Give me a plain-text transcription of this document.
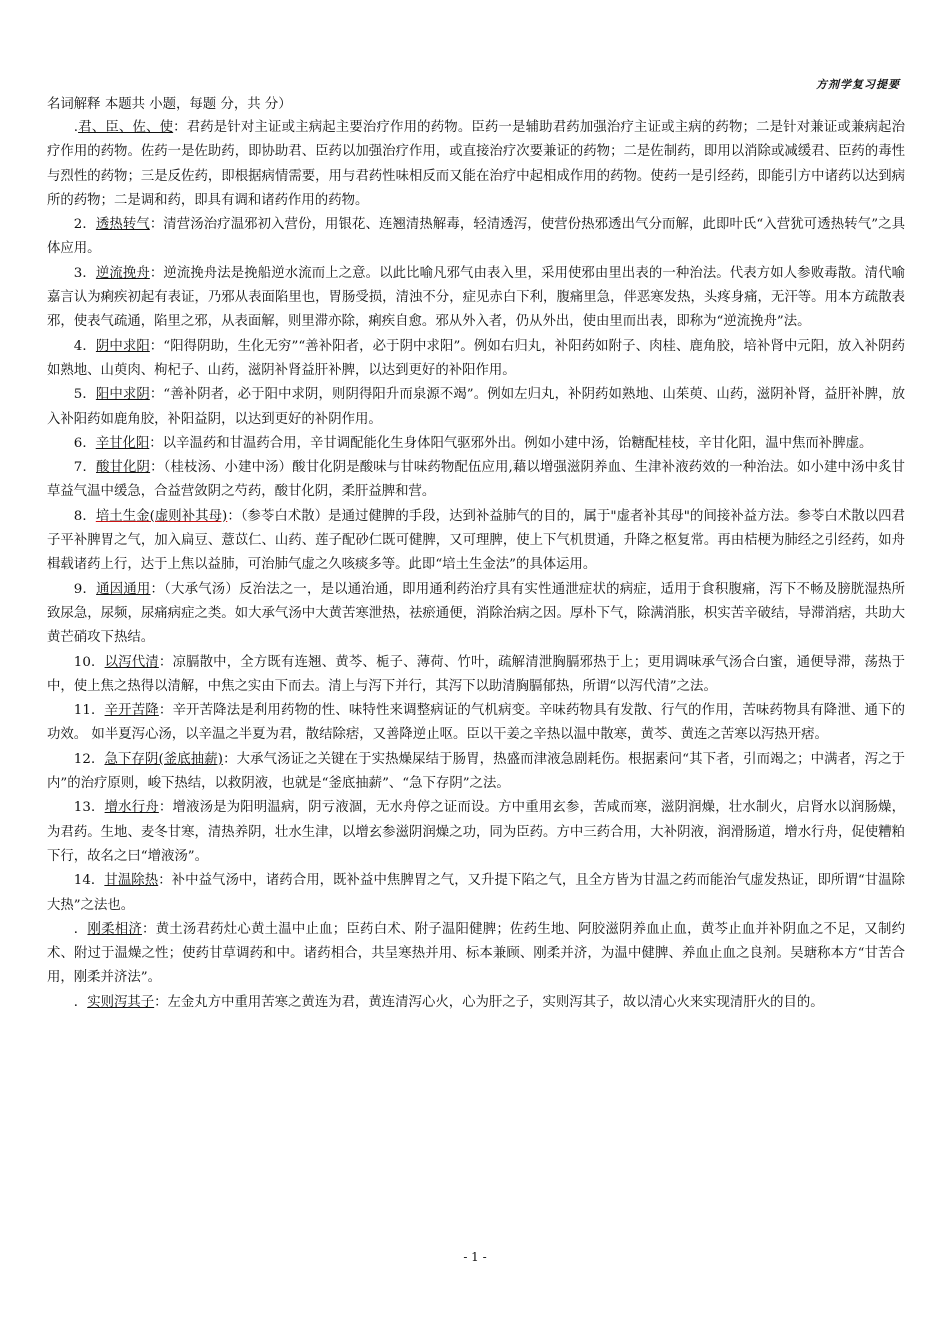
方剂学复习提要
名词解释 本题共 小题，每题 分，共 分）

.君、臣、佐、使：君药是针对主证或主病起主要治疗作用的药物。臣药一是辅助君药加强治疗主证或主病的药物；二是针对兼证或兼病起治疗作用的药物。佐药一是佐助药，即协助君、臣药以加强治疗作用，或直接治疗次要兼证的药物；二是佐制药，即用以消除或减缓君、臣药的毒性与烈性的药物；三是反佐药，即根据病情需要，用与君药性味相反而又能在治疗中起相成作用的药物。使药一是引经药，即能引方中诸药以达到病所的药物；二是调和药，即具有调和诸药作用的药物。

2．透热转气：清营汤治疗温邪初入营份，用银花、连翘清热解毒，轻清透泻，使营份热邪透出气分而解，此即叶氏“入营犹可透热转气”之具体应用。

3．逆流挽舟：逆流挽舟法是挽船逆水流而上之意。以此比喻凡邪气由表入里，采用使邪由里出表的一种治法。代表方如人参败毒散。清代喻嘉言认为痢疾初起有表证，乃邪从表面陷里也，胃肠受损，清浊不分，症见赤白下利，腹痛里急，伴恶寒发热，头疼身痛，无汗等。用本方疏散表邪，使表气疏通，陷里之邪，从表面解，则里滞亦除，痢疾自愈。邪从外入者，仍从外出，使由里而出表，即称为“逆流挽舟”法。

4．阴中求阳：“阳得阴助，生化无穷”“善补阳者，必于阴中求阳”。例如右归丸，补阳药如附子、肉桂、鹿角胶，培补肾中元阳，放入补阴药如熟地、山萸肉、枸杞子、山药，滋阴补肾益肝补脾，以达到更好的补阳作用。

5．阳中求阴：“善补阴者，必于阳中求阴，则阴得阳升而泉源不竭”。例如左归丸，补阴药如熟地、山茱萸、山药，滋阴补肾，益肝补脾，放入补阳药如鹿角胶，补阳益阴，以达到更好的补阴作用。

6．辛甘化阳：以辛温药和甘温药合用，辛甘调配能化生身体阳气驱邪外出。例如小建中汤，饴糖配桂枝，辛甘化阳，温中焦而补脾虚。

7．酸甘化阴：（桂枝汤、小建中汤）酸甘化阴是酸味与甘味药物配伍应用,藉以增强滋阴养血、生津补液药效的一种治法。如小建中汤中炙甘草益气温中缓急，合益营敛阴之芍药，酸甘化阴，柔肝益脾和营。

8．培土生金(虚则补其母)：（参苓白术散）是通过健脾的手段，达到补益肺气的目的，属于"虚者补其母"的间接补益方法。参苓白术散以四君子平补脾胃之气，加入扁豆、薏苡仁、山药、莲子配砂仁既可健脾，又可理脾，使上下气机贯通，升降之枢复常。再由桔梗为肺经之引经药，如舟楫载诸药上行，达于上焦以益肺，可治肺气虚之久咳痰多等。此即“培土生金法”的具体运用。

9．通因通用：（大承气汤）反治法之一，是以通治通，即用通利药治疗具有实性通泄症状的病症，适用于食积腹痛，泻下不畅及膀胱湿热所致尿急，尿频，尿痛病症之类。如大承气汤中大黄苦寒泄热，祛瘀通便，消除治病之因。厚朴下气，除满消胀，枳实苦辛破结，导滞消痞，共助大黄芒硝攻下热结。

10．以泻代清：凉膈散中，全方既有连翘、黄芩、栀子、薄荷、竹叶，疏解清泄胸膈邪热于上；更用调味承气汤合白蜜，通便导滞，荡热于中，使上焦之热得以清解，中焦之实由下而去。清上与泻下并行，其泻下以助清胸膈郁热，所谓“以泻代清”之法。

11．辛开苦降：辛开苦降法是利用药物的性、味特性来调整病证的气机病变。辛味药物具有发散、行气的作用，苦味药物具有降泄、通下的功效。 如半夏泻心汤，以辛温之半夏为君，散结除痞，又善降逆止呕。臣以干姜之辛热以温中散寒，黄芩、黄连之苦寒以泻热开痞。

12．急下存阴(釜底抽薪)：大承气汤证之关键在于实热燥屎结于肠胃，热盛而津液急剧耗伤。根据素问“其下者，引而竭之；中满者，泻之于内”的治疗原则，峻下热结，以救阴液，也就是“釜底抽薪”、“急下存阴”之法。

13．增水行舟：增液汤是为阳明温病，阴亏液涸，无水舟停之证而设。方中重用玄参，苦咸而寒，滋阴润燥，壮水制火，启肾水以润肠燥，为君药。生地、麦冬甘寒，清热养阴，壮水生津，以增玄参滋阴润燥之功，同为臣药。方中三药合用，大补阴液，润滑肠道，增水行舟，促使糟粕下行，故名之曰“增液汤”。

14．甘温除热：补中益气汤中，诸药合用，既补益中焦脾胃之气，又升提下陷之气，且全方皆为甘温之药而能治气虚发热证，即所谓“甘温除大热”之法也。

．刚柔相济：黄土汤君药灶心黄土温中止血；臣药白术、附子温阳健脾；佐药生地、阿胶滋阴养血止血，黄芩止血并补阴血之不足，又制约术、附过于温燥之性；使药甘草调药和中。诸药相合，共呈寒热并用、标本兼顾、刚柔并济，为温中健脾、养血止血之良剂。吴瑭称本方“甘苦合用，刚柔并济法”。

．实则泻其子：左金丸方中重用苦寒之黄连为君，黄连清泻心火，心为肝之子，实则泻其子，故以清心火来实现清肝火的目的。

- 1 -
